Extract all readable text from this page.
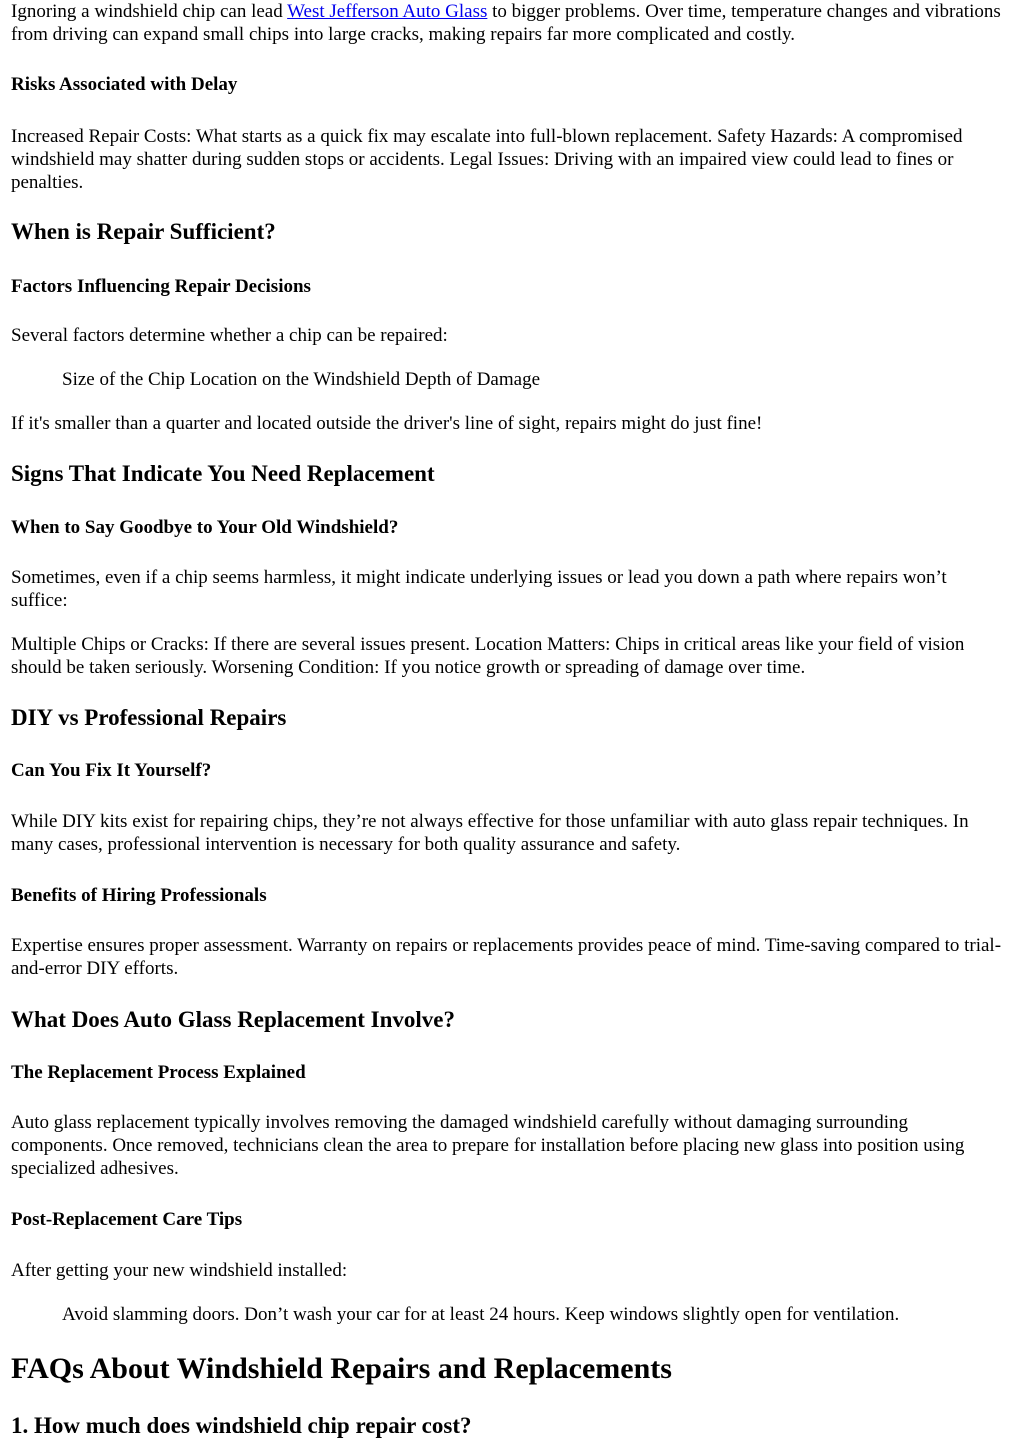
Ignoring a windshield chip can lead West Jefferson Auto Glass to bigger problems. Over time, temperature changes and vibrations from driving can expand small chips into large cracks, making repairs far more complicated and costly.

Risks Associated with Delay

Increased Repair Costs: What starts as a quick fix may escalate into full-blown replacement. Safety Hazards: A compromised windshield may shatter during sudden stops or accidents. Legal Issues: Driving with an impaired view could lead to fines or penalties.

When is Repair Sufficient?
Factors Influencing Repair Decisions

Several factors determine whether a chip can be repaired:

Size of the Chip Location on the Windshield Depth of Damage

If it's smaller than a quarter and located outside the driver's line of sight, repairs might do just fine!

Signs That Indicate You Need Replacement
When to Say Goodbye to Your Old Windshield?

Sometimes, even if a chip seems harmless, it might indicate underlying issues or lead you down a path where repairs won’t suffice:

Multiple Chips or Cracks: If there are several issues present. Location Matters: Chips in critical areas like your field of vision should be taken seriously. Worsening Condition: If you notice growth or spreading of damage over time.

DIY vs Professional Repairs
Can You Fix It Yourself?

While DIY kits exist for repairing chips, they’re not always effective for those unfamiliar with auto glass repair techniques. In many cases, professional intervention is necessary for both quality assurance and safety.

Benefits of Hiring Professionals

Expertise ensures proper assessment. Warranty on repairs or replacements provides peace of mind. Time-saving compared to trial-and-error DIY efforts.

What Does Auto Glass Replacement Involve?
The Replacement Process Explained

Auto glass replacement typically involves removing the damaged windshield carefully without damaging surrounding components. Once removed, technicians clean the area to prepare for installation before placing new glass into position using specialized adhesives.

Post-Replacement Care Tips

After getting your new windshield installed:

Avoid slamming doors. Don’t wash your car for at least 24 hours. Keep windows slightly open for ventilation.

FAQs About Windshield Repairs and Replacements
1. How much does windshield chip repair cost?
